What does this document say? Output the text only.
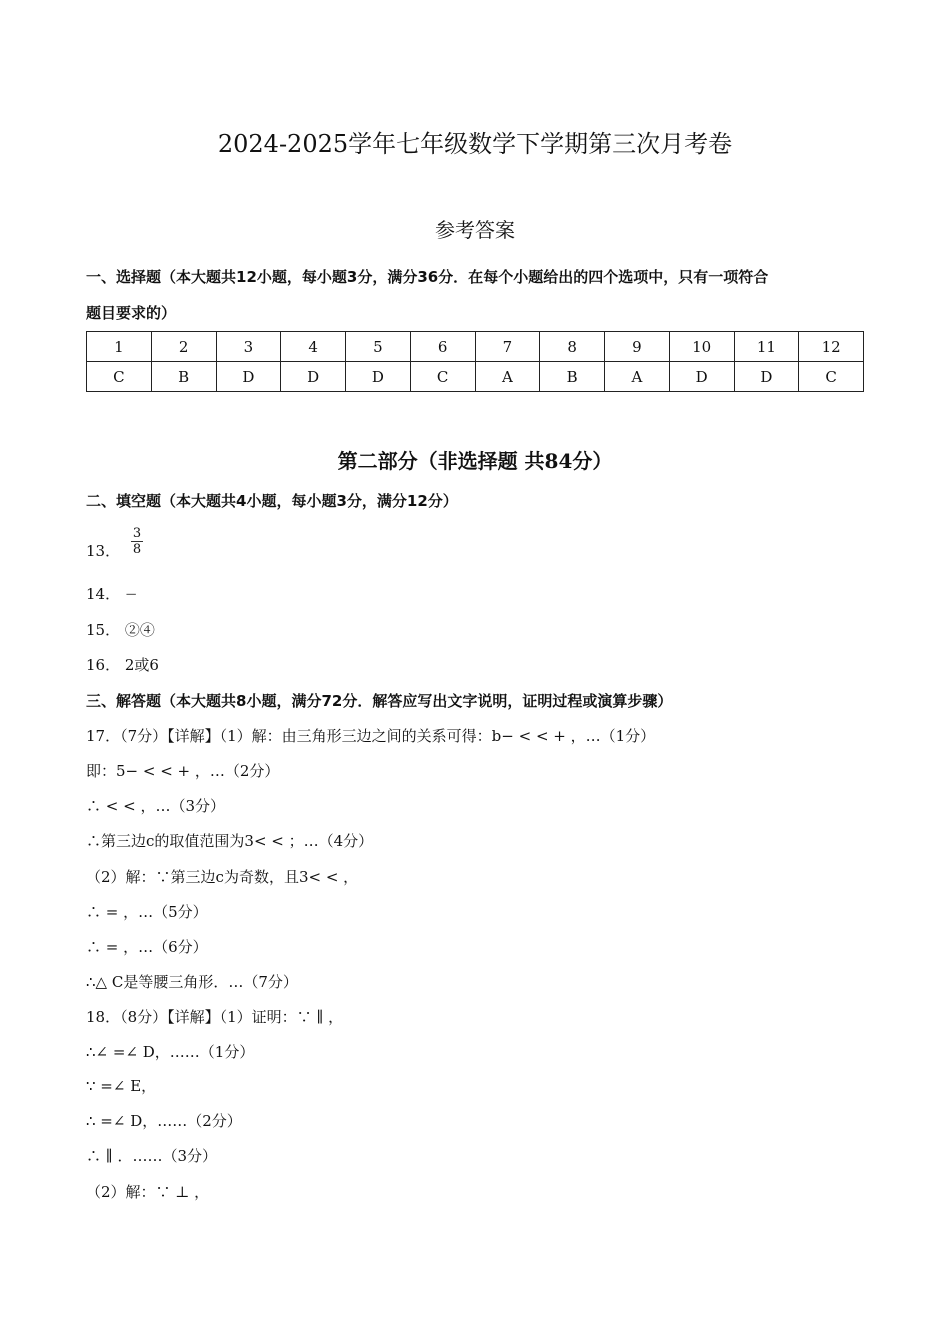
2024-2025学年七年级数学下学期第三次月考卷
参考答案
一、选择题（本大题共12小题，每小题3分，满分36分．在每个小题给出的四个选项中，只有一项符合
题目要求的）
1	2	3	4	5	6	7	8	9	10	11	12
C	B	D	D	D	C	A	B	A	D	D	C
第二部分（非选择题 共84分）
二、填空题（本大题共4小题，每小题3分，满分12分）
13． $\frac{3}{8}$
14． −
15． ②④
16． 2或6
三、解答题（本大题共8小题，满分72分．解答应写出文字说明，证明过程或演算步骤）
17．（7分）【详解】（1）解：由三角形三边之间的关系可得：b− < < + ，…（1分）
即：5− < < + ，…（2分）
∴ < < ，…（3分）
∴第三边c的取值范围为3< < ；…（4分）
（2）解：∵第三边c为奇数，且3< < ，
∴ = ，…（5分）
∴ = ，…（6分）
∴△ C是等腰三角形．…（7分）
18．（8分）【详解】（1）证明：∵ ∥ ，
∴∠ =∠ D，……（1分）
∵ =∠ E，
∴ =∠ D，……（2分）
∴ ∥ ．……（3分）
（2）解：∵ ⊥ ，
